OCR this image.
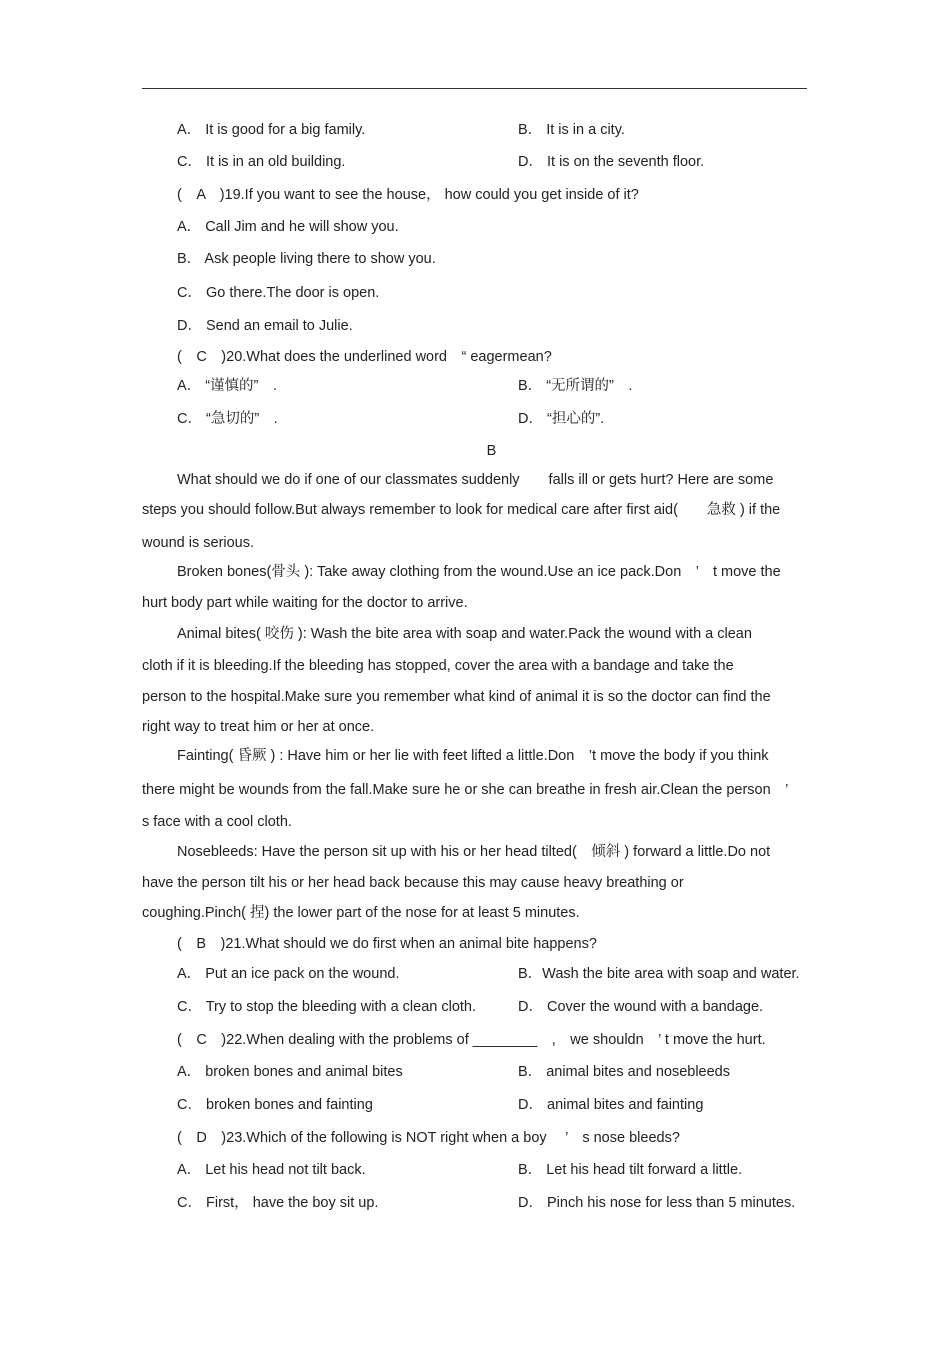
A． It is good for a big family.	B． It is in a city.
C． It is in an old building.	D． It is on the seventh floor.
(　A　)19.If you want to see the house， how could you get inside of it?
A． Call Jim and he will show you.
B． Ask people living there to show you.
C． Go there.The door is open.
D． Send an email to Julie.
(　C　)20.What does the underlined word　“ eagermean?
A． “谨慎的”　.	B． “无所谓的”　.
C． “急切的”　.	D． “担心的”.
B
What should we do if one of our classmates suddenly　　falls ill or gets hurt? Here are some
steps you should follow.But always remember to look for medical care after first aid(　　急救 ) if the
wound is serious.
Broken bones(骨头 ): Take away clothing from the wound.Use an ice pack.Don　’　t move the
hurt body part while waiting for the doctor to arrive.
Animal bites( 咬伤 ): Wash the bite area with soap and water.Pack the wound with a clean
cloth if it is bleeding.If the bleeding has stopped, cover the area with a bandage and take the
person to the hospital.Make sure you remember what kind of animal it is so the doctor can find the
right way to treat him or her at once.
Fainting( 昏厥 ) : Have him or her lie with feet lifted a little.Don　’t move the body if you think
there might be wounds from the fall.Make sure he or she can breathe in fresh air.Clean the person　’
s face with a cool cloth.
Nosebleeds: Have the person sit up with his or her head tilted(　倾斜 ) forward a little.Do not
have the person tilt his or her head back because this may cause heavy breathing or
coughing.Pinch( 捏) the lower part of the nose for at least 5 minutes.
(　B　)21.What should we do first when an animal bite happens?
A． Put an ice pack on the wound.	B．Wash the bite area with soap and water.
C． Try to stop the bleeding with a clean cloth.	D． Cover the wound with a bandage.
(　C　)22.When dealing with the problems of ________　,　we shouldn　’ t move the hurt.
A． broken bones and animal bites	B． animal bites and nosebleeds
C． broken bones and fainting	D． animal bites and fainting
(　D　)23.Which of the following is NOT right when a boy　 ’　s nose bleeds?
A． Let his head not tilt back.	B． Let his head tilt forward a little.
C． First， have the boy sit up.	D． Pinch his nose for less than 5 minutes.
